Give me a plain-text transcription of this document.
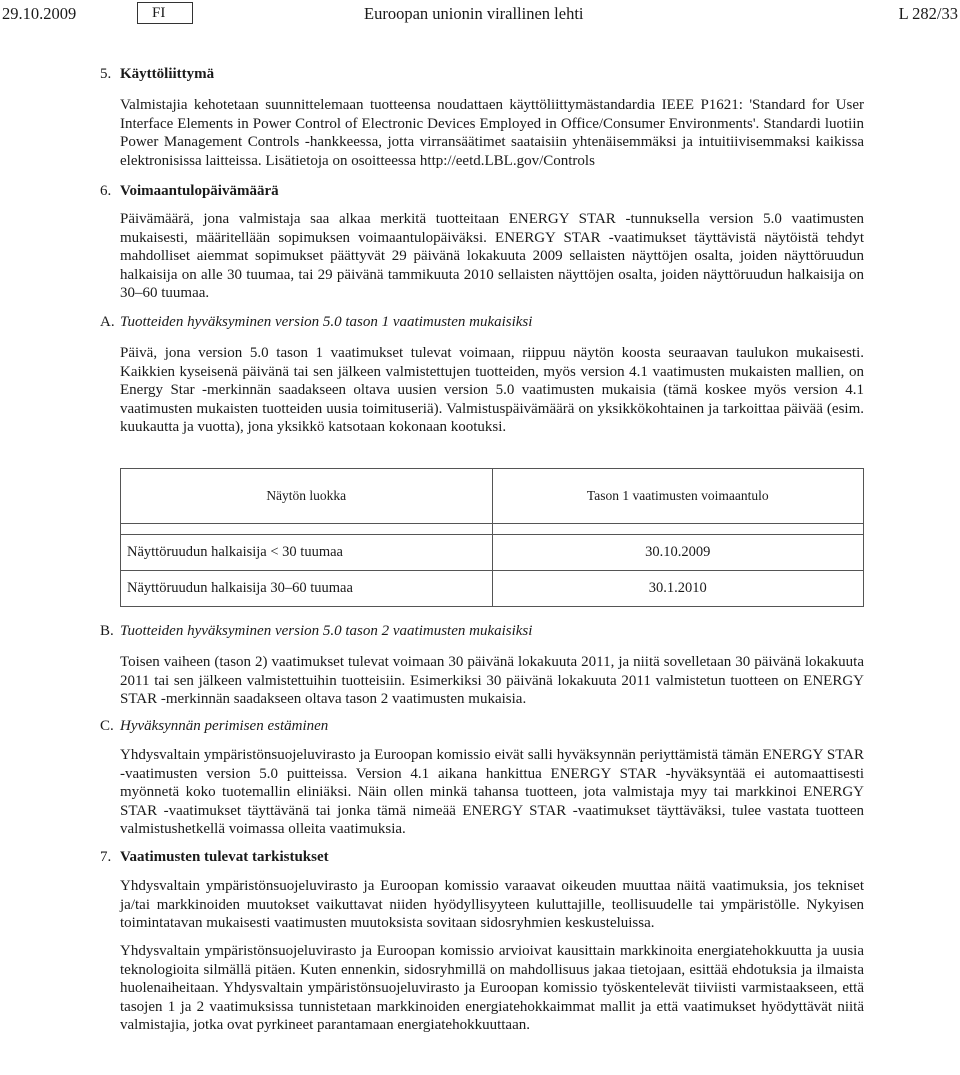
29.10.2009	FI	Euroopan unionin virallinen lehti	L 282/33
5. Käyttöliittymä
Valmistajia kehotetaan suunnittelemaan tuotteensa noudattaen käyttöliittymästandardia IEEE P1621: 'Standard for User Interface Elements in Power Control of Electronic Devices Employed in Office/Consumer Environments'. Standardi luotiin Power Management Controls -hankkeessa, jotta virransäätimet saataisiin yhtenäisemmäksi ja intuitiivisemmaksi kaikissa elektronisissa laitteissa. Lisätietoja on osoitteessa http://eetd.LBL.gov/Controls
6. Voimaantulopäivämäärä
Päivämäärä, jona valmistaja saa alkaa merkitä tuotteitaan ENERGY STAR -tunnuksella version 5.0 vaatimusten mukaisesti, määritellään sopimuksen voimaantulopäiväksi. ENERGY STAR -vaatimukset täyttävistä näytöistä tehdyt mahdolliset aiemmat sopimukset päättyvät 29 päivänä lokakuuta 2009 sellaisten näyttöjen osalta, joiden näyttöruudun halkaisija on alle 30 tuumaa, tai 29 päivänä tammikuuta 2010 sellaisten näyttöjen osalta, joiden näyttöruudun halkaisija on 30–60 tuumaa.
A. Tuotteiden hyväksyminen version 5.0 tason 1 vaatimusten mukaisiksi
Päivä, jona version 5.0 tason 1 vaatimukset tulevat voimaan, riippuu näytön koosta seuraavan taulukon mukaisesti. Kaikkien kyseisenä päivänä tai sen jälkeen valmistettujen tuotteiden, myös version 4.1 vaatimusten mukaisten mallien, on Energy Star -merkinnän saadakseen oltava uusien version 5.0 vaatimusten mukaisia (tämä koskee myös version 4.1 vaatimusten mukaisten tuotteiden uusia toimituseriä). Valmistuspäivämäärä on yksikkökohtainen ja tarkoittaa päivää (esim. kuukautta ja vuotta), jona yksikkö katsotaan kokonaan kootuksi.
Näytön luokka	Tason 1 vaatimusten voimaantulo

Näyttöruudun halkaisija < 30 tuumaa	30.10.2009
Näyttöruudun halkaisija 30–60 tuumaa	30.1.2010
B. Tuotteiden hyväksyminen version 5.0 tason 2 vaatimusten mukaisiksi
Toisen vaiheen (tason 2) vaatimukset tulevat voimaan 30 päivänä lokakuuta 2011, ja niitä sovelletaan 30 päivänä lokakuuta 2011 tai sen jälkeen valmistettuihin tuotteisiin. Esimerkiksi 30 päivänä lokakuuta 2011 valmistetun tuotteen on ENERGY STAR -merkinnän saadakseen oltava tason 2 vaatimusten mukaisia.
C. Hyväksynnän perimisen estäminen
Yhdysvaltain ympäristönsuojeluvirasto ja Euroopan komissio eivät salli hyväksynnän periyttämistä tämän ENERGY STAR -vaatimusten version 5.0 puitteissa. Version 4.1 aikana hankittua ENERGY STAR -hyväksyntää ei automaattisesti myönnetä koko tuotemallin eliniäksi. Näin ollen minkä tahansa tuotteen, jota valmistaja myy tai markkinoi ENERGY STAR -vaatimukset täyttävänä tai jonka tämä nimeää ENERGY STAR -vaatimukset täyttäväksi, tulee vastata tuotteen valmistushetkellä voimassa olleita vaatimuksia.
7. Vaatimusten tulevat tarkistukset
Yhdysvaltain ympäristönsuojeluvirasto ja Euroopan komissio varaavat oikeuden muuttaa näitä vaatimuksia, jos tekniset ja/tai markkinoiden muutokset vaikuttavat niiden hyödyllisyyteen kuluttajille, teollisuudelle tai ympäristölle. Nykyisen toimintatavan mukaisesti vaatimusten muutoksista sovitaan sidosryhmien keskusteluissa.
Yhdysvaltain ympäristönsuojeluvirasto ja Euroopan komissio arvioivat kausittain markkinoita energiatehokkuutta ja uusia teknologioita silmällä pitäen. Kuten ennenkin, sidosryhmillä on mahdollisuus jakaa tietojaan, esittää ehdotuksia ja ilmaista huolenaiheitaan. Yhdysvaltain ympäristönsuojeluvirasto ja Euroopan komissio työskentelevät tiiviisti varmistaakseen, että tasojen 1 ja 2 vaatimuksissa tunnistetaan markkinoiden energiatehokkaimmat mallit ja että vaatimukset hyödyttävät niitä valmistajia, jotka ovat pyrkineet parantamaan energiatehokkuuttaan.
